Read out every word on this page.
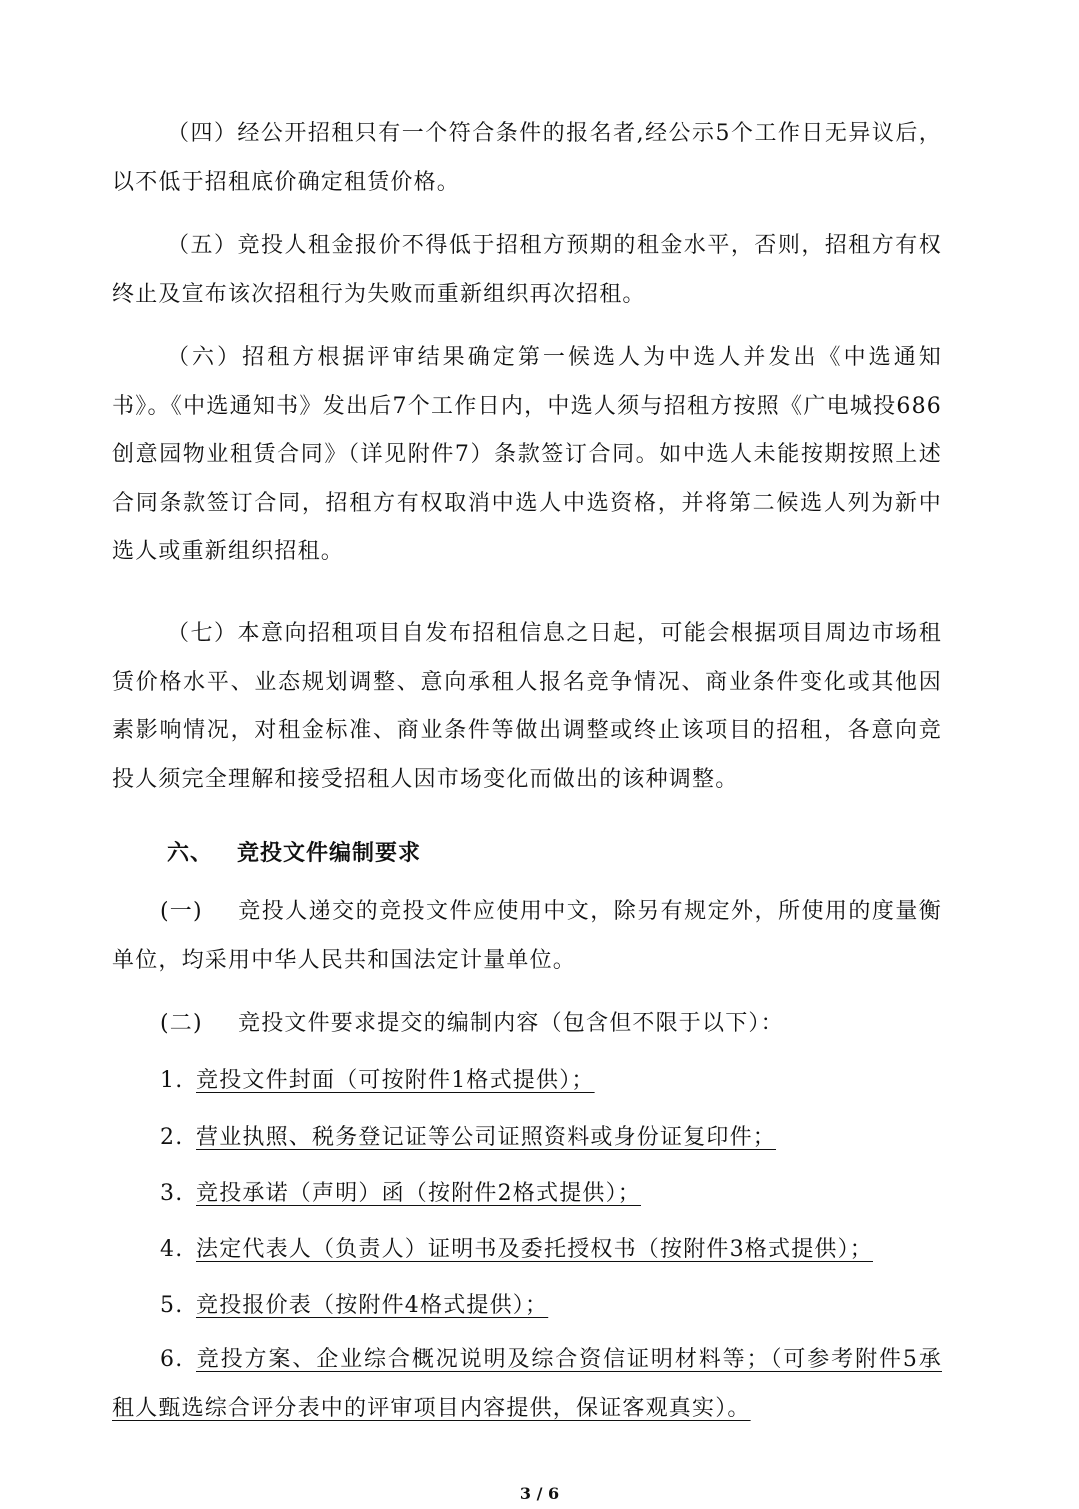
（四）经公开招租只有一个符合条件的报名者,经公示5个工作日无异议后，以不低于招租底价确定租赁价格。

（五）竞投人租金报价不得低于招租方预期的租金水平，否则，招租方有权终止及宣布该次招租行为失败而重新组织再次招租。

（六）招租方根据评审结果确定第一候选人为中选人并发出《中选通知书》。《中选通知书》发出后7个工作日内，中选人须与招租方按照《广电城投686创意园物业租赁合同》（详见附件7）条款签订合同。如中选人未能按期按照上述合同条款签订合同，招租方有权取消中选人中选资格，并将第二候选人列为新中选人或重新组织招租。

（七）本意向招租项目自发布招租信息之日起，可能会根据项目周边市场租赁价格水平、业态规划调整、意向承租人报名竞争情况、商业条件变化或其他因素影响情况，对租金标准、商业条件等做出调整或终止该项目的招租，各意向竞投人须完全理解和接受招租人因市场变化而做出的该种调整。

六、 竞投文件编制要求
(一) 竞投人递交的竞投文件应使用中文，除另有规定外，所使用的度量衡单位，均采用中华人民共和国法定计量单位。
(二) 竞投文件要求提交的编制内容（包含但不限于以下）：
1. 竞投文件封面（可按附件1格式提供）；
2. 营业执照、税务登记证等公司证照资料或身份证复印件；
3. 竞投承诺（声明）函（按附件2格式提供）；
4. 法定代表人（负责人）证明书及委托授权书（按附件3格式提供）；
5. 竞投报价表（按附件4格式提供）；
6. 竞投方案、企业综合概况说明及综合资信证明材料等；（可参考附件5承租人甄选综合评分表中的评审项目内容提供，保证客观真实）。
3 / 6
